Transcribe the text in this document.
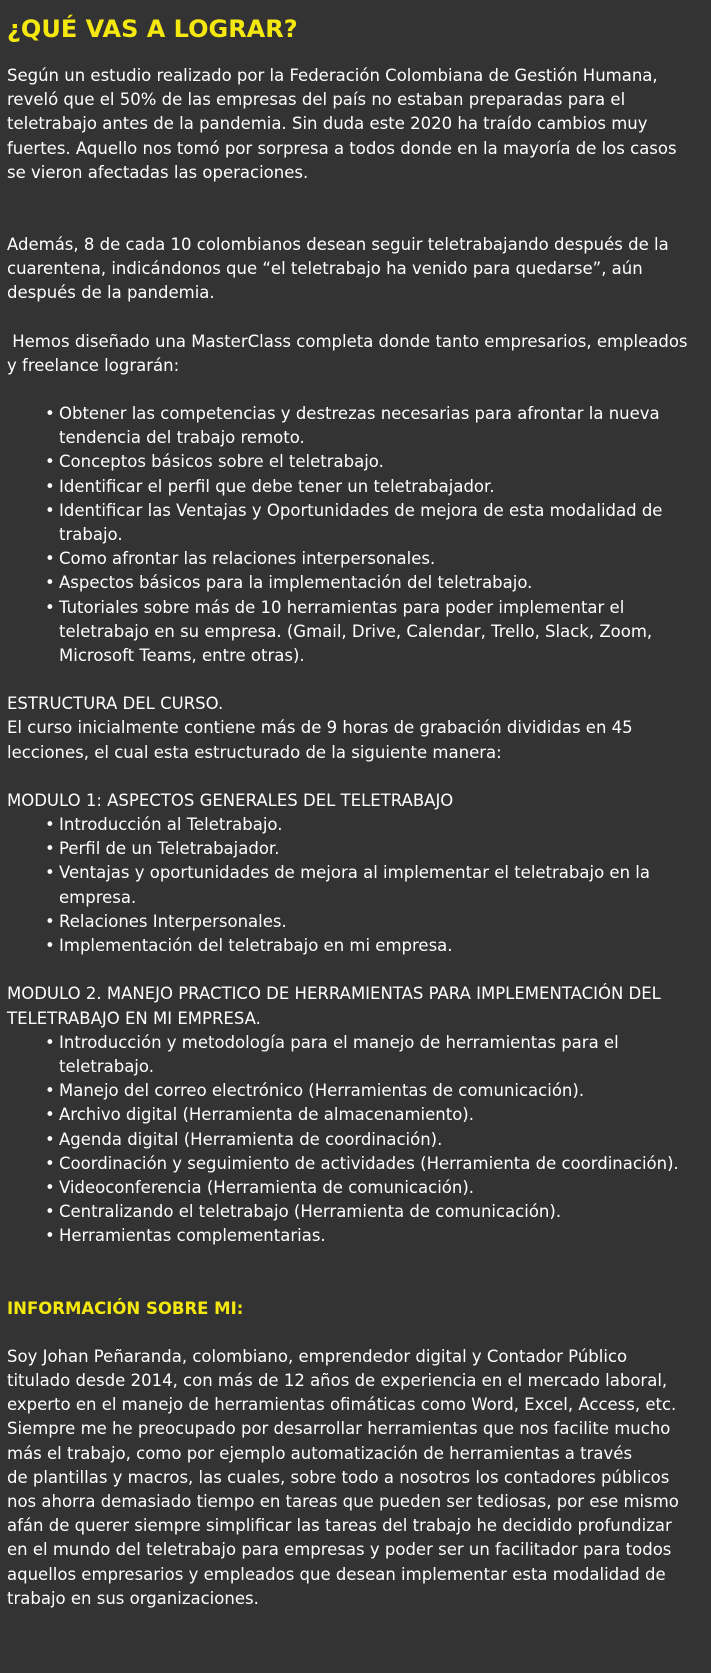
¿QUÉ VAS A LOGRAR?
Según un estudio realizado por la Federación Colombiana de Gestión Humana,
reveló que el 50% de las empresas del país no estaban preparadas para el
teletrabajo antes de la pandemia. Sin duda este 2020 ha traído cambios muy
fuertes. Aquello nos tomó por sorpresa a todos donde en la mayoría de los casos
se vieron afectadas las operaciones.
Además, 8 de cada 10 colombianos desean seguir teletrabajando después de la
cuarentena, indicándonos que “el teletrabajo ha venido para quedarse”, aún
después de la pandemia.
Hemos diseñado una MasterClass completa donde tanto empresarios, empleados
y freelance lograrán:
• Obtener las competencias y destrezas necesarias para afrontar la nueva
tendencia del trabajo remoto.
• Conceptos básicos sobre el teletrabajo.
• Identificar el perfil que debe tener un teletrabajador.
• Identificar las Ventajas y Oportunidades de mejora de esta modalidad de
trabajo.
• Como afrontar las relaciones interpersonales.
• Aspectos básicos para la implementación del teletrabajo.
• Tutoriales sobre más de 10 herramientas para poder implementar el
teletrabajo en su empresa. (Gmail, Drive, Calendar, Trello, Slack, Zoom,
Microsoft Teams, entre otras).
ESTRUCTURA DEL CURSO.
El curso inicialmente contiene más de 9 horas de grabación divididas en 45
lecciones, el cual esta estructurado de la siguiente manera:
MODULO 1: ASPECTOS GENERALES DEL TELETRABAJO
• Introducción al Teletrabajo.
• Perfil de un Teletrabajador.
• Ventajas y oportunidades de mejora al implementar el teletrabajo en la
empresa.
• Relaciones Interpersonales.
• Implementación del teletrabajo en mi empresa.
MODULO 2. MANEJO PRACTICO DE HERRAMIENTAS PARA IMPLEMENTACIÓN DEL
TELETRABAJO EN MI EMPRESA.
• Introducción y metodología para el manejo de herramientas para el
teletrabajo.
• Manejo del correo electrónico (Herramientas de comunicación).
• Archivo digital (Herramienta de almacenamiento).
• Agenda digital (Herramienta de coordinación).
• Coordinación y seguimiento de actividades (Herramienta de coordinación).
• Videoconferencia (Herramienta de comunicación).
• Centralizando el teletrabajo (Herramienta de comunicación).
• Herramientas complementarias.
INFORMACIÓN SOBRE MI:
Soy Johan Peñaranda, colombiano, emprendedor digital y Contador Público
titulado desde 2014, con más de 12 años de experiencia en el mercado laboral,
experto en el manejo de herramientas ofimáticas como Word, Excel, Access, etc.
Siempre me he preocupado por desarrollar herramientas que nos facilite mucho
más el trabajo, como por ejemplo automatización de herramientas a través
de plantillas y macros, las cuales, sobre todo a nosotros los contadores públicos
nos ahorra demasiado tiempo en tareas que pueden ser tediosas, por ese mismo
afán de querer siempre simplificar las tareas del trabajo he decidido profundizar
en el mundo del teletrabajo para empresas y poder ser un facilitador para todos
aquellos empresarios y empleados que desean implementar esta modalidad de
trabajo en sus organizaciones.
